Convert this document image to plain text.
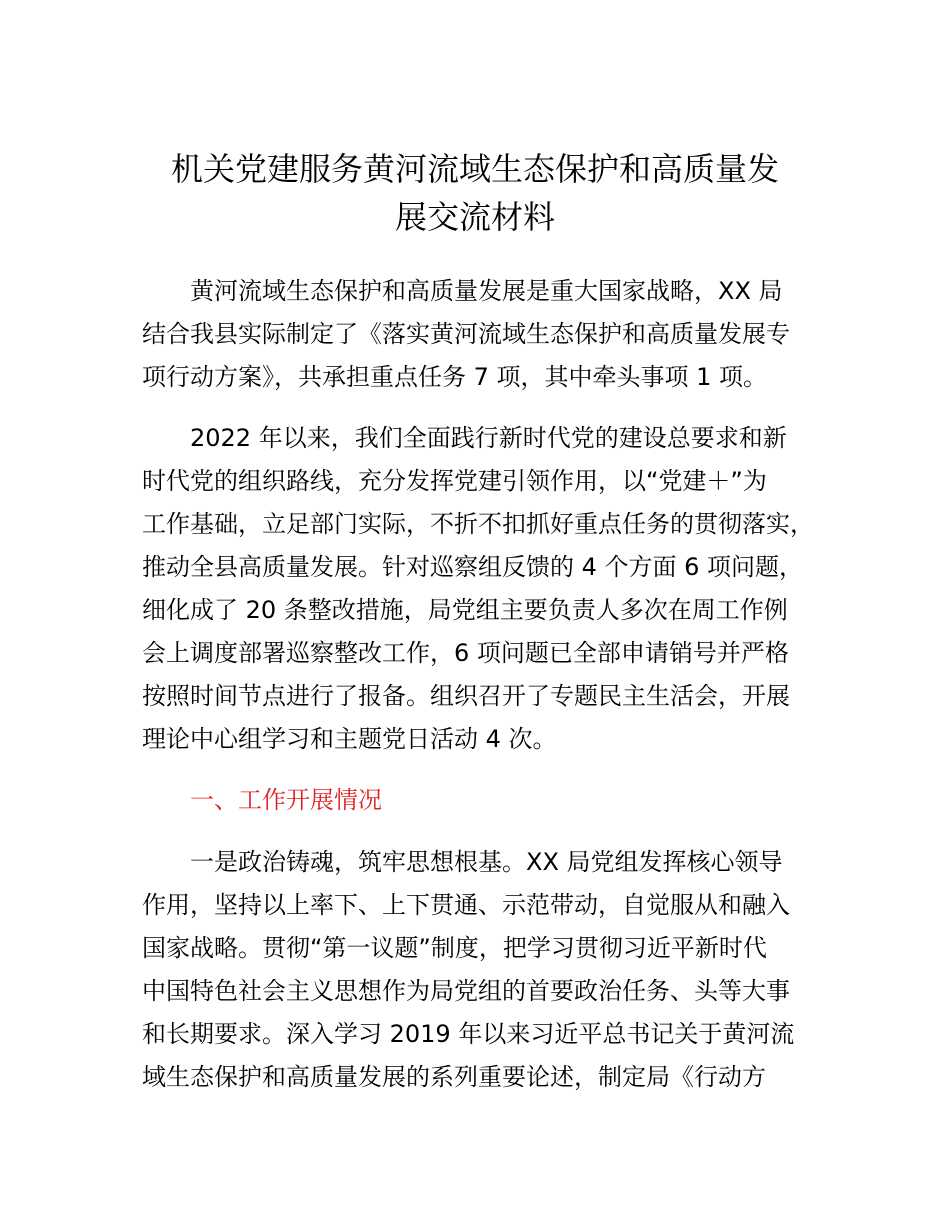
机关党建服务黄河流域生态保护和高质量发
展交流材料
黄河流域生态保护和高质量发展是重大国家战略，XX 局
结合我县实际制定了《落实黄河流域生态保护和高质量发展专
项行动方案》，共承担重点任务 7 项，其中牵头事项 1 项。
2022 年以来，我们全面践行新时代党的建设总要求和新
时代党的组织路线，充分发挥党建引领作用，以“党建＋”为
工作基础，立足部门实际，不折不扣抓好重点任务的贯彻落实，
推动全县高质量发展。针对巡察组反馈的 4 个方面 6 项问题，
细化成了 20 条整改措施，局党组主要负责人多次在周工作例
会上调度部署巡察整改工作，6 项问题已全部申请销号并严格
按照时间节点进行了报备。组织召开了专题民主生活会，开展
理论中心组学习和主题党日活动 4 次。
一、工作开展情况
一是政治铸魂，筑牢思想根基。XX 局党组发挥核心领导
作用，坚持以上率下、上下贯通、示范带动，自觉服从和融入
国家战略。贯彻“第一议题”制度，把学习贯彻习近平新时代
中国特色社会主义思想作为局党组的首要政治任务、头等大事
和长期要求。深入学习 2019 年以来习近平总书记关于黄河流
域生态保护和高质量发展的系列重要论述，制定局《行动方
